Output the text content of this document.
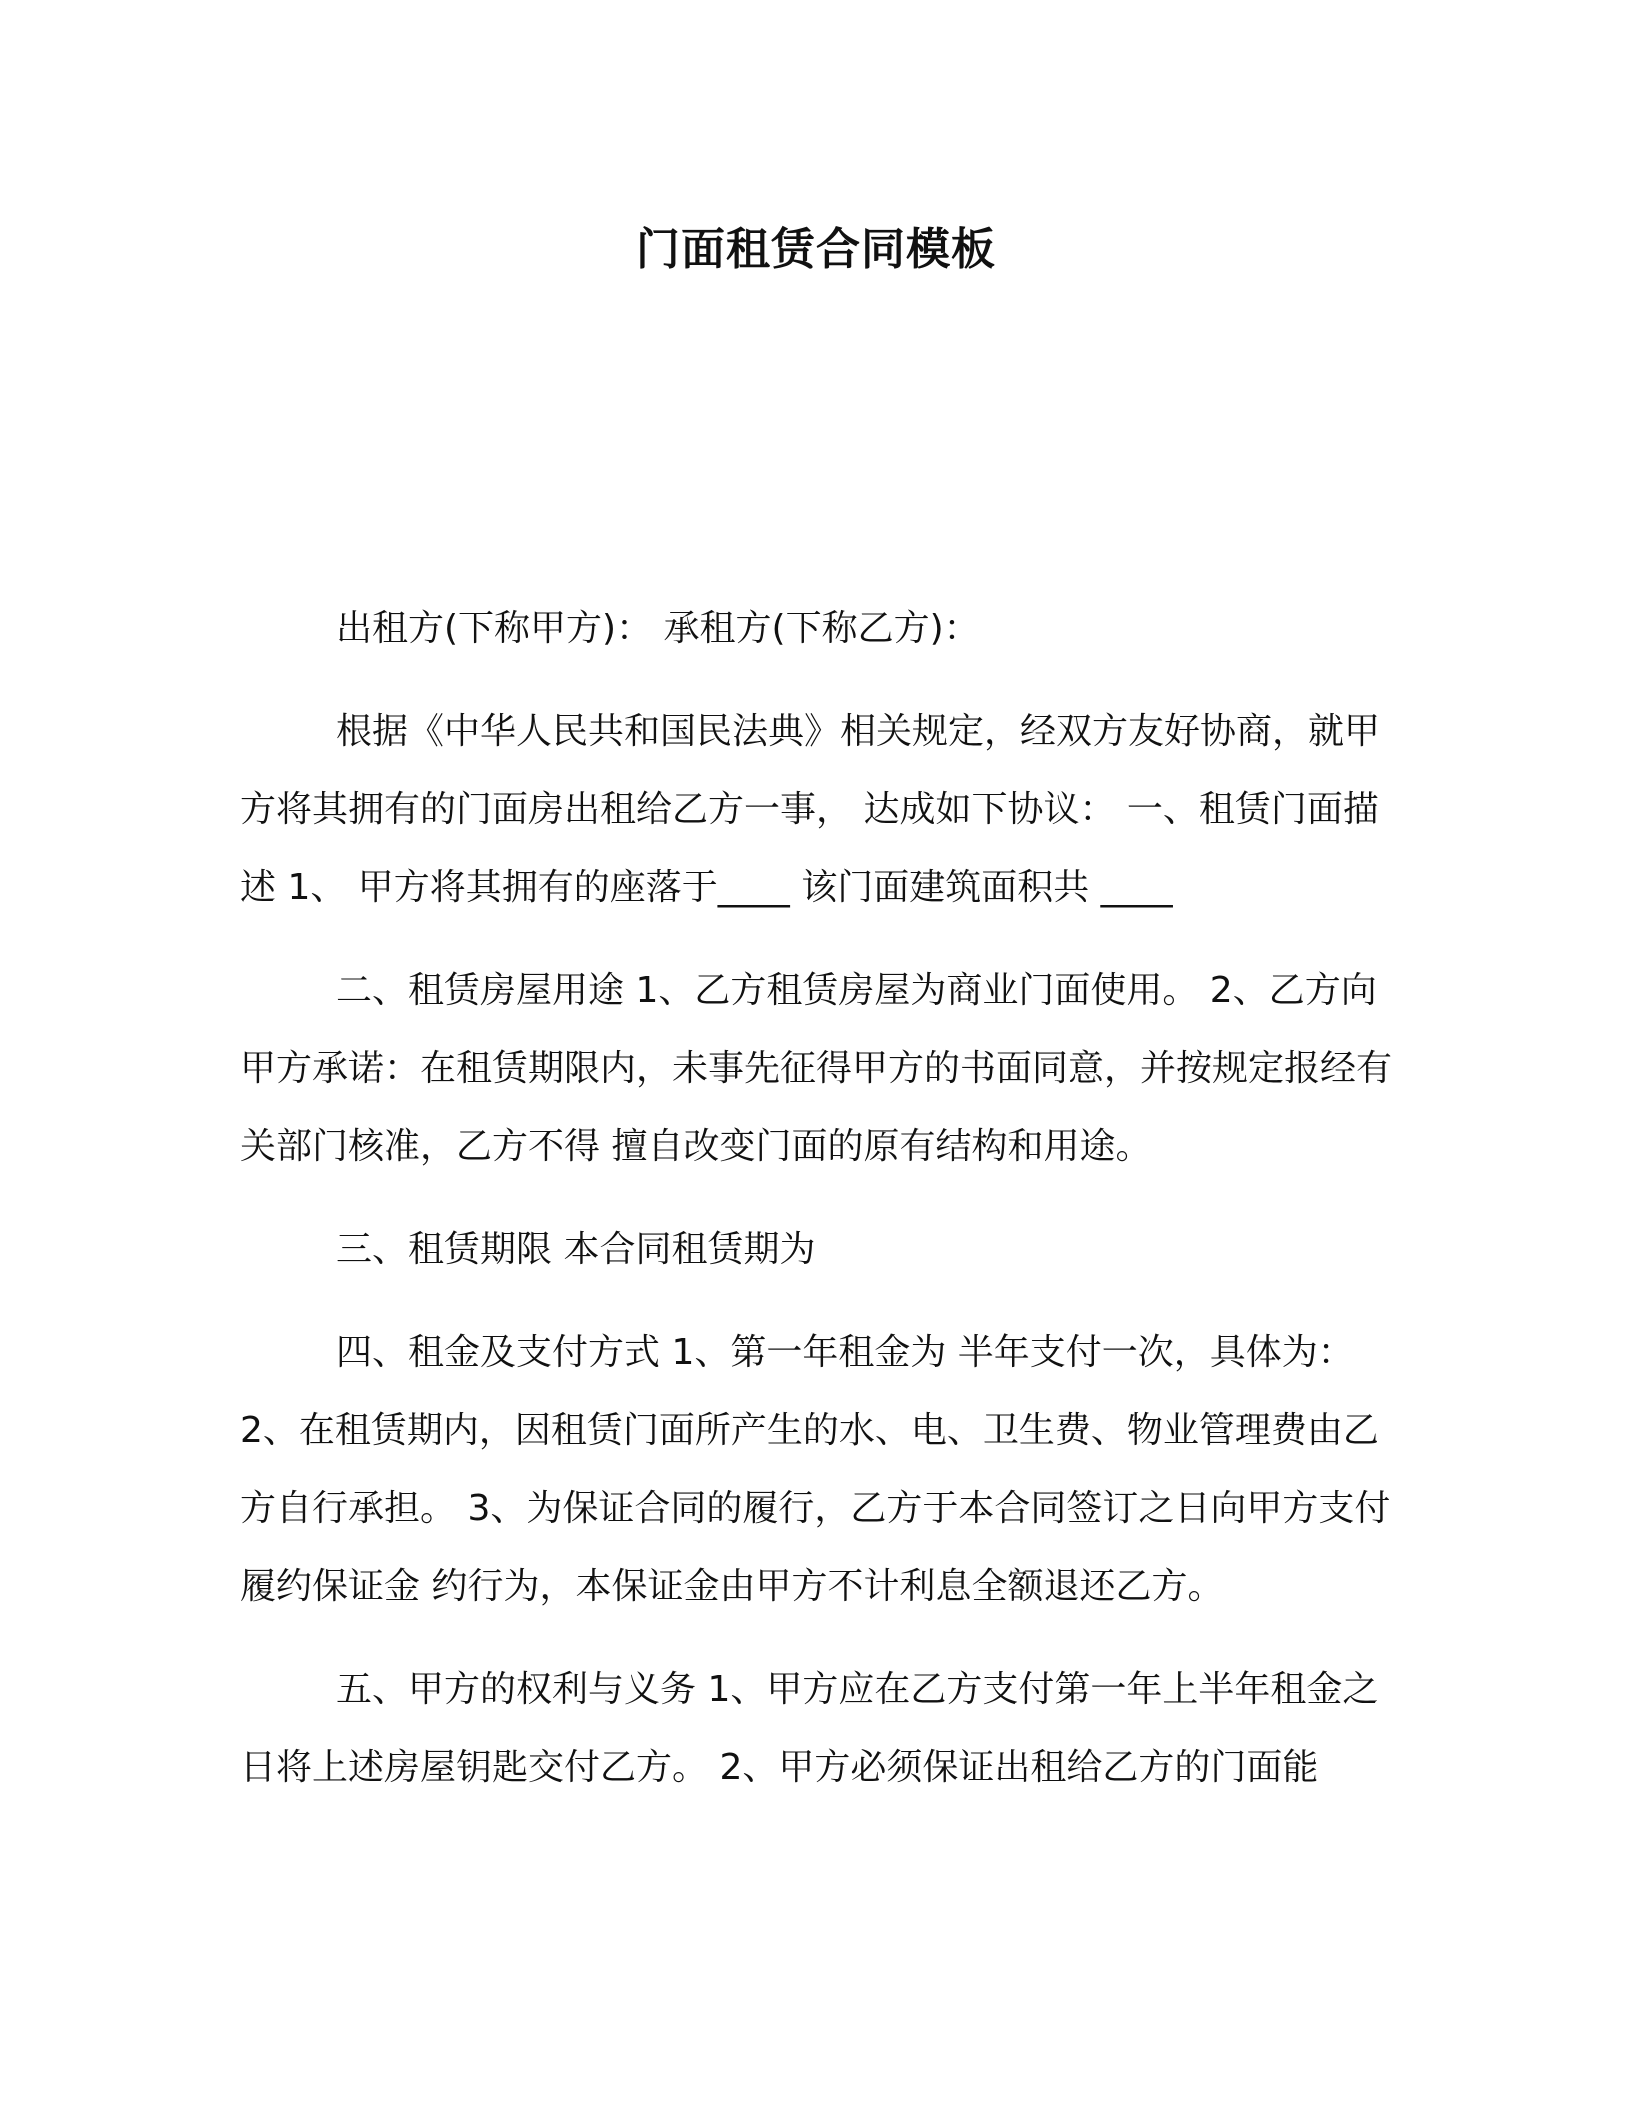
门面租赁合同模板

出租方(下称甲方)： 承租方(下称乙方)：

根据《中华人民共和国民法典》相关规定，经双方友好协商，就甲方将其拥有的门面房出租给乙方一事， 达成如下协议： 一、租赁门面描述 1、 甲方将其拥有的座落于____ 该门面建筑面积共 ____

二、租赁房屋用途 1、乙方租赁房屋为商业门面使用。 2、乙方向甲方承诺：在租赁期限内，未事先征得甲方的书面同意，并按规定报经有关部门核准，乙方不得 擅自改变门面的原有结构和用途。

三、租赁期限 本合同租赁期为

四、租金及支付方式 1、第一年租金为 半年支付一次，具体为：2、在租赁期内，因租赁门面所产生的水、电、卫生费、物业管理费由乙方自行承担。 3、为保证合同的履行，乙方于本合同签订之日向甲方支付履约保证金 约行为，本保证金由甲方不计利息全额退还乙方。

五、甲方的权利与义务 1、甲方应在乙方支付第一年上半年租金之日将上述房屋钥匙交付乙方。 2、甲方必须保证出租给乙方的门面能
